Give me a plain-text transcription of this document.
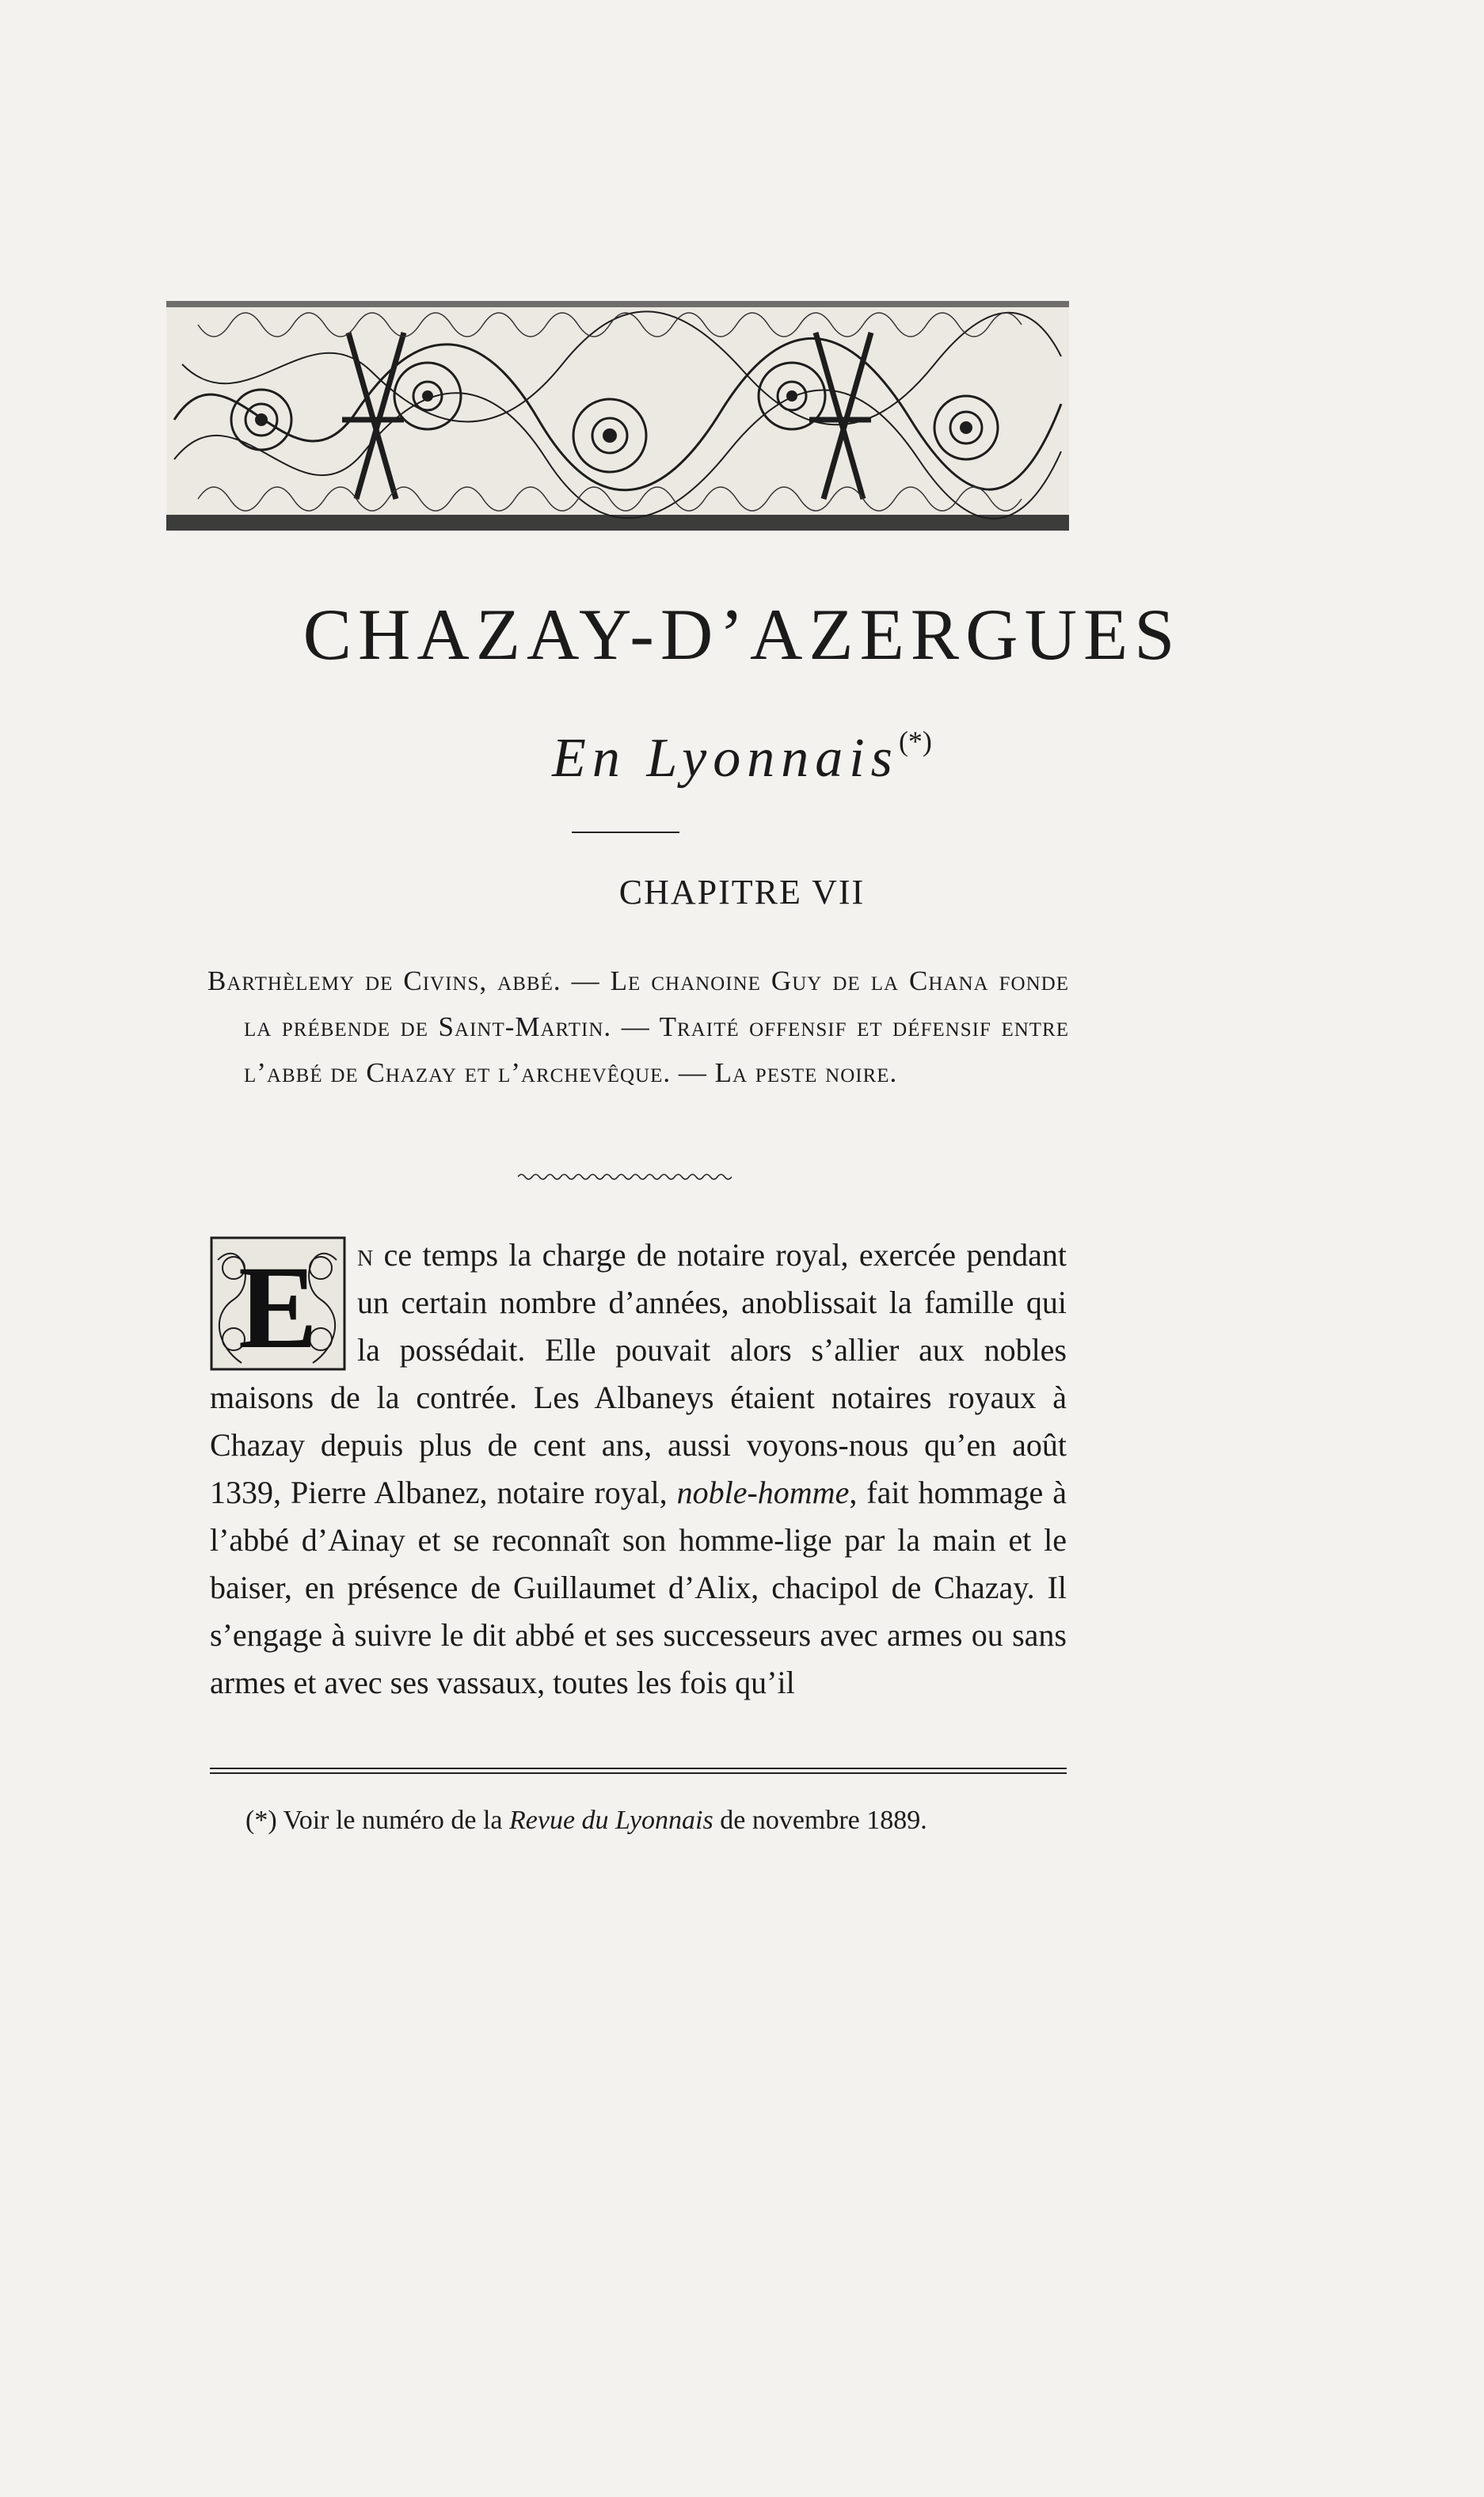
CHAZAY-D’AZERGUES
En Lyonnais(*)
CHAPITRE VII
Barthèlemy de Civins, abbé. — Le chanoine Guy de la Chana fonde la prébende de Saint-Martin. — Traité offensif et défensif entre l’abbé de Chazay et l’archevêque. — La peste noire.

E n ce temps la charge de notaire royal, exercée pendant un certain nombre d’années, anoblissait la famille qui la possédait. Elle pouvait alors s’allier aux nobles maisons de la contrée. Les Albaneys étaient notaires royaux à Chazay depuis plus de cent ans, aussi voyons-nous qu’en août 1339, Pierre Albanez, notaire royal, noble-homme, fait hommage à l’abbé d’Ainay et se reconnaît son homme-lige par la main et le baiser, en présence de Guillaumet d’Alix, chacipol de Chazay. Il s’engage à suivre le dit abbé et ses successeurs avec armes ou sans armes et avec ses vassaux, toutes les fois qu’il

(*) Voir le numéro de la Revue du Lyonnais de novembre 1889.
